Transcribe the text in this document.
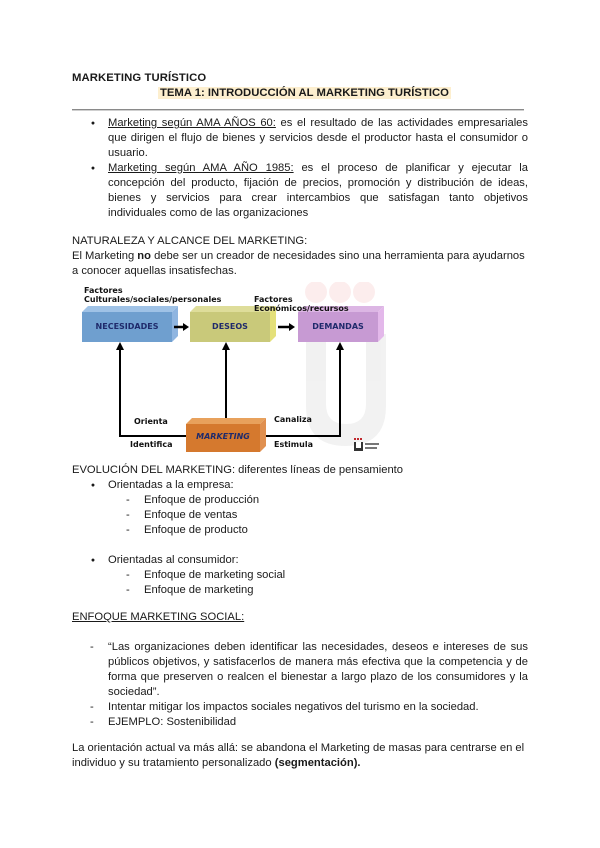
MARKETING TURÍSTICO
TEMA 1: INTRODUCCIÓN AL MARKETING TURÍSTICO
● Marketing según AMA AÑOS 60: es el resultado de las actividades empresariales que dirigen el flujo de bienes y servicios desde el productor hasta el consumidor o usuario.
● Marketing según AMA AÑO 1985: es el proceso de planificar y ejecutar la concepción del producto, fijación de precios, promoción y distribución de ideas, bienes y servicios para crear intercambios que satisfagan tanto objetivos individuales como de las organizaciones
NATURALEZA Y ALCANCE DEL MARKETING:
El Marketing no debe ser un creador de necesidades sino una herramienta para ayudarnos a conocer aquellas insatisfechas.
Factores
Culturales/sociales/personales	Factores Económicos/recursos
NECESIDADES	DESEOS	DEMANDAS
MARKETING
Orienta
Identifica
Canaliza
Estimula
EVOLUCIÓN DEL MARKETING: diferentes líneas de pensamiento
● Orientadas a la empresa:
- Enfoque de producción
- Enfoque de ventas
- Enfoque de producto
● Orientadas al consumidor:
- Enfoque de marketing social
- Enfoque de marketing
ENFOQUE MARKETING SOCIAL:
- “Las organizaciones deben identificar las necesidades, deseos e intereses de sus públicos objetivos, y satisfacerlos de manera más efectiva que la competencia y de forma que preserven o realcen el bienestar a largo plazo de los consumidores y la sociedad”.
- Intentar mitigar los impactos sociales negativos del turismo en la sociedad.
- EJEMPLO: Sostenibilidad
La orientación actual va más allá: se abandona el Marketing de masas para centrarse en el individuo y su tratamiento personalizado (segmentación).
